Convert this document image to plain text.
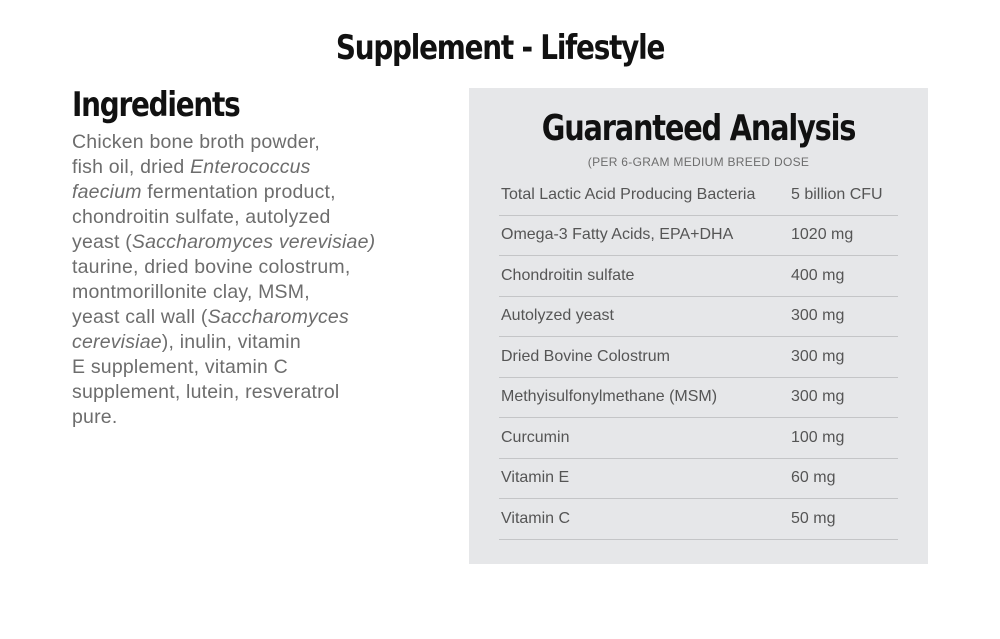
Supplement - Lifestyle
Ingredients
Chicken bone broth powder,
fish oil, dried Enterococcus
faecium fermentation product,
chondroitin sulfate, autolyzed
yeast (Saccharomyces verevisiae)
taurine, dried bovine colostrum,
montmorillonite clay, MSM,
yeast call wall (Saccharomyces
cerevisiae), inulin, vitamin
E supplement, vitamin C
supplement, lutein, resveratrol
pure.
Guaranteed Analysis
(PER 6-GRAM MEDIUM BREED DOSE
Total Lactic Acid Producing Bacteria	5 billion CFU
Omega-3 Fatty Acids, EPA+DHA	1020 mg
Chondroitin sulfate	400 mg
Autolyzed yeast	300 mg
Dried Bovine Colostrum	300 mg
Methyisulfonylmethane (MSM)	300 mg
Curcumin	100 mg
Vitamin E	60 mg
Vitamin C	50 mg
